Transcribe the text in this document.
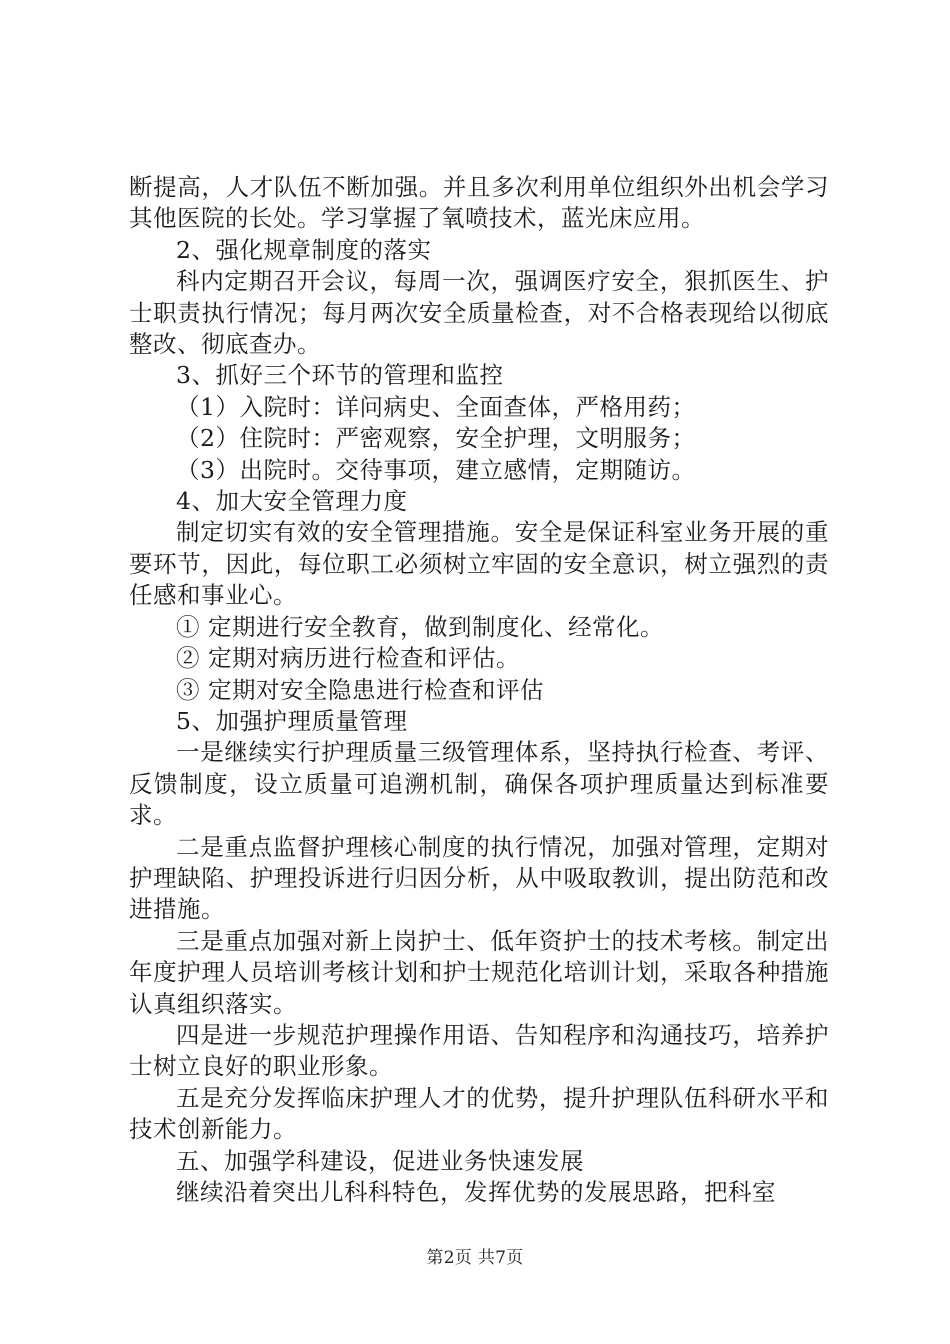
断提高，人才队伍不断加强。并且多次利用单位组织外出机会学习其他医院的长处。学习掌握了氧喷技术，蓝光床应用。

2、强化规章制度的落实

科内定期召开会议，每周一次，强调医疗安全，狠抓医生、护士职责执行情况；每月两次安全质量检查，对不合格表现给以彻底整改、彻底查办。

3、抓好三个环节的管理和监控

（1）入院时：详问病史、全面查体，严格用药；

（2）住院时：严密观察，安全护理，文明服务；

（3）出院时。交待事项，建立感情，定期随访。

4、加大安全管理力度

制定切实有效的安全管理措施。安全是保证科室业务开展的重要环节，因此，每位职工必须树立牢固的安全意识，树立强烈的责任感和事业心。

① 定期进行安全教育，做到制度化、经常化。

② 定期对病历进行检查和评估。

③ 定期对安全隐患进行检查和评估

5、加强护理质量管理

一是继续实行护理质量三级管理体系，坚持执行检查、考评、反馈制度，设立质量可追溯机制，确保各项护理质量达到标准要求。

二是重点监督护理核心制度的执行情况，加强对管理，定期对护理缺陷、护理投诉进行归因分析，从中吸取教训，提出防范和改进措施。

三是重点加强对新上岗护士、低年资护士的技术考核。制定出年度护理人员培训考核计划和护士规范化培训计划，采取各种措施认真组织落实。

四是进一步规范护理操作用语、告知程序和沟通技巧，培养护士树立良好的职业形象。

五是充分发挥临床护理人才的优势，提升护理队伍科研水平和技术创新能力。

五、加强学科建设，促进业务快速发展

继续沿着突出儿科科特色，发挥优势的发展思路，把科室

第2页 共7页
